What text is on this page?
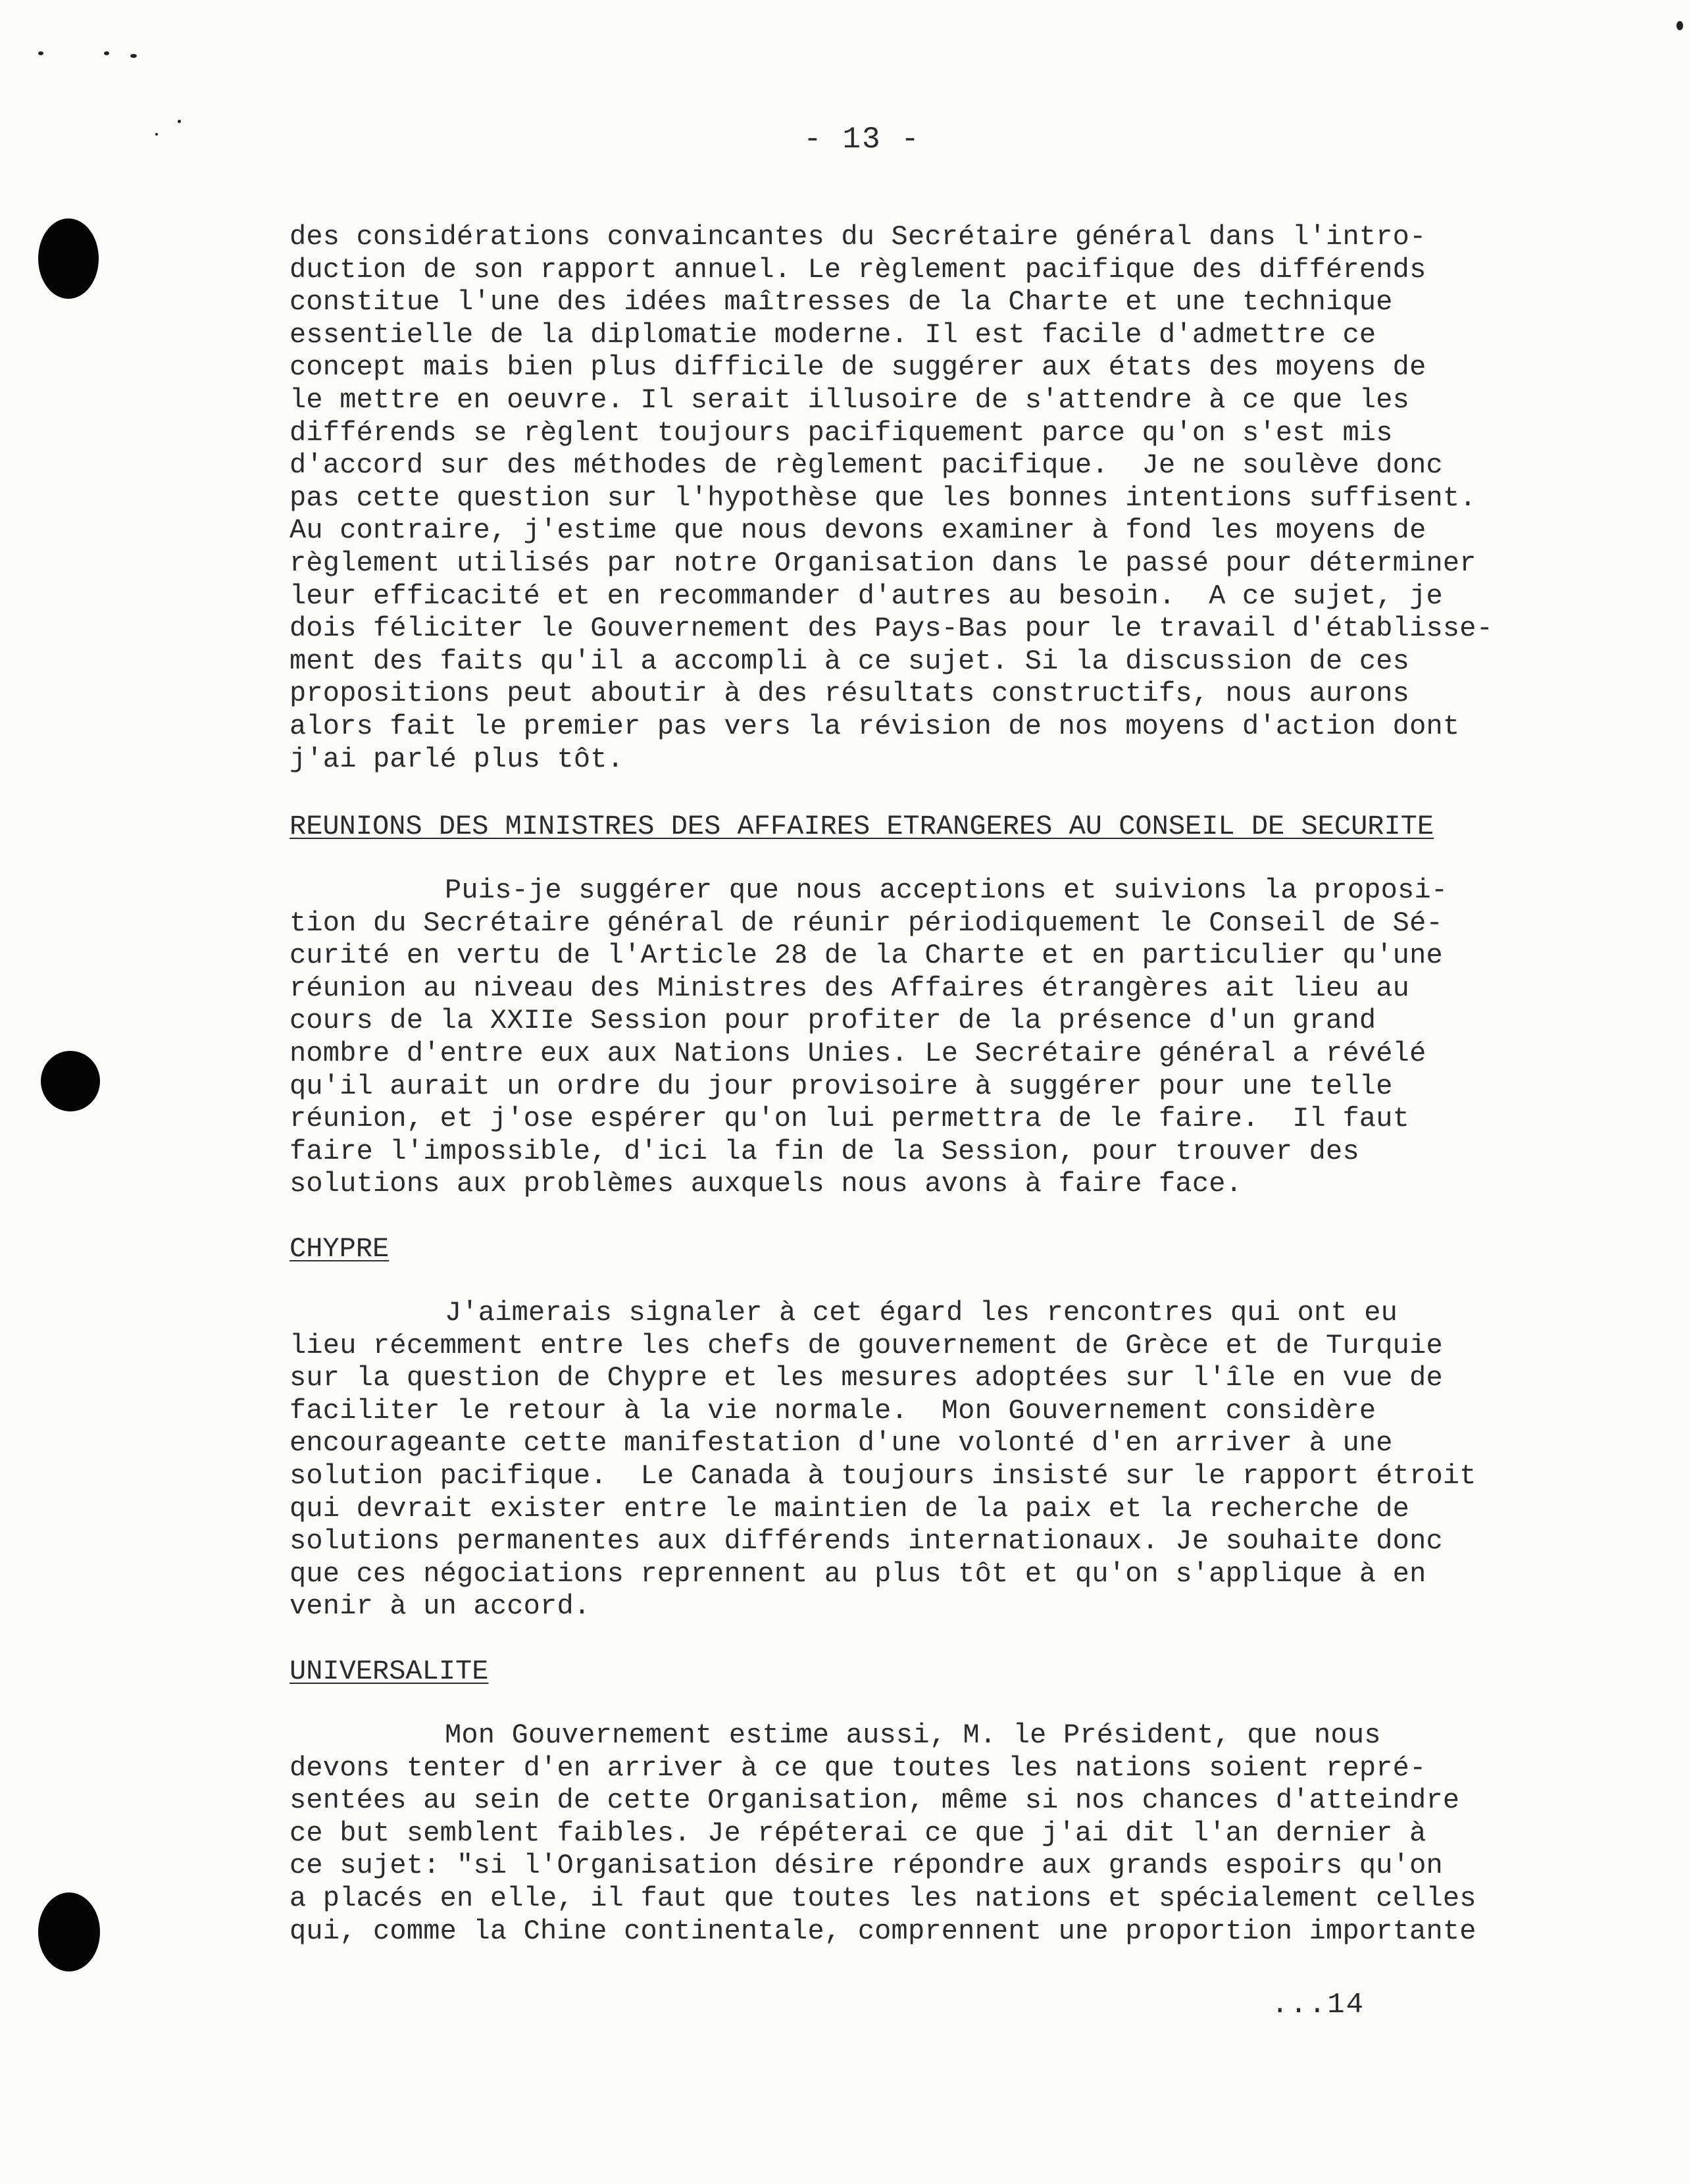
- 13 -
des considérations convaincantes du Secrétaire général dans l'intro-
duction de son rapport annuel. Le règlement pacifique des différends
constitue l'une des idées maîtresses de la Charte et une technique
essentielle de la diplomatie moderne. Il est facile d'admettre ce
concept mais bien plus difficile de suggérer aux états des moyens de
le mettre en oeuvre. Il serait illusoire de s'attendre à ce que les
différends se règlent toujours pacifiquement parce qu'on s'est mis
d'accord sur des méthodes de règlement pacifique.  Je ne soulève donc
pas cette question sur l'hypothèse que les bonnes intentions suffisent.
Au contraire, j'estime que nous devons examiner à fond les moyens de
règlement utilisés par notre Organisation dans le passé pour déterminer
leur efficacité et en recommander d'autres au besoin.  A ce sujet, je
dois féliciter le Gouvernement des Pays-Bas pour le travail d'établisse-
ment des faits qu'il a accompli à ce sujet. Si la discussion de ces
propositions peut aboutir à des résultats constructifs, nous aurons
alors fait le premier pas vers la révision de nos moyens d'action dont
j'ai parlé plus tôt.
REUNIONS DES MINISTRES DES AFFAIRES ETRANGERES AU CONSEIL DE SECURITE
Puis-je suggérer que nous acceptions et suivions la proposi-
tion du Secrétaire général de réunir périodiquement le Conseil de Sé-
curité en vertu de l'Article 28 de la Charte et en particulier qu'une
réunion au niveau des Ministres des Affaires étrangères ait lieu au
cours de la XXIIe Session pour profiter de la présence d'un grand
nombre d'entre eux aux Nations Unies. Le Secrétaire général a révélé
qu'il aurait un ordre du jour provisoire à suggérer pour une telle
réunion, et j'ose espérer qu'on lui permettra de le faire.  Il faut
faire l'impossible, d'ici la fin de la Session, pour trouver des
solutions aux problèmes auxquels nous avons à faire face.
CHYPRE
J'aimerais signaler à cet égard les rencontres qui ont eu
lieu récemment entre les chefs de gouvernement de Grèce et de Turquie
sur la question de Chypre et les mesures adoptées sur l'île en vue de
faciliter le retour à la vie normale.  Mon Gouvernement considère
encourageante cette manifestation d'une volonté d'en arriver à une
solution pacifique.  Le Canada à toujours insisté sur le rapport étroit
qui devrait exister entre le maintien de la paix et la recherche de
solutions permanentes aux différends internationaux. Je souhaite donc
que ces négociations reprennent au plus tôt et qu'on s'applique à en
venir à un accord.
UNIVERSALITE
Mon Gouvernement estime aussi, M. le Président, que nous
devons tenter d'en arriver à ce que toutes les nations soient repré-
sentées au sein de cette Organisation, même si nos chances d'atteindre
ce but semblent faibles. Je répéterai ce que j'ai dit l'an dernier à
ce sujet: "si l'Organisation désire répondre aux grands espoirs qu'on
a placés en elle, il faut que toutes les nations et spécialement celles
qui, comme la Chine continentale, comprennent une proportion importante
...14
